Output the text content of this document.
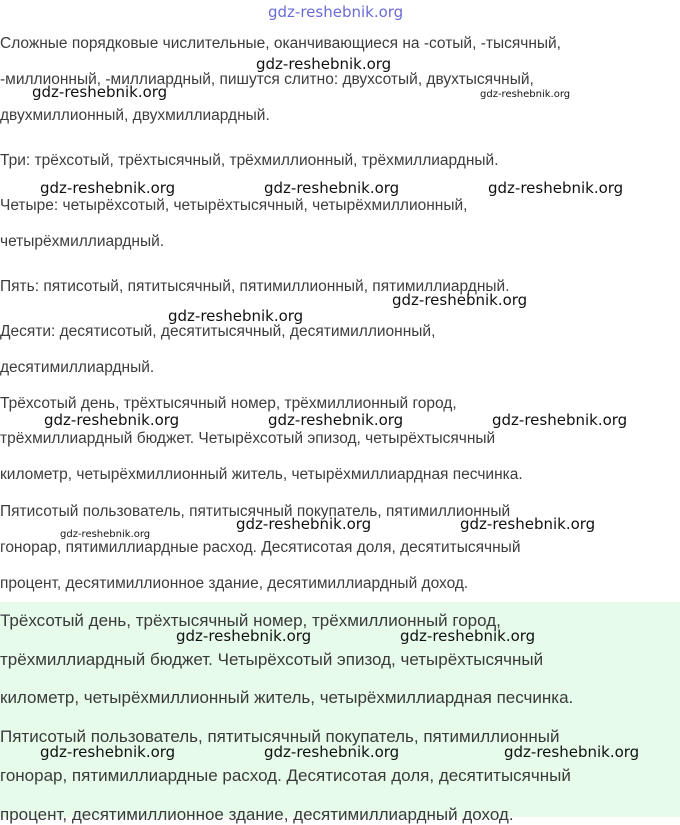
gdz-reshebnik.org
Сложные порядковые числительные, оканчивающиеся на -сотый, -тысячный,
-миллионный, -миллиардный, пишутся слитно: двухсотый, двухтысячный,
двухмиллионный, двухмиллиардный.
Три: трёхсотый, трёхтысячный, трёхмиллионный, трёхмиллиардный.
Четыре: четырёхсотый, четырёхтысячный, четырёхмиллионный,
четырёхмиллиардный.
Пять: пятисотый, пятитысячный, пятимиллионный, пятимиллиардный.
Десяти: десятисотый, десятитысячный, десятимиллионный,
десятимиллиардный.
Трёхсотый день, трёхтысячный номер, трёхмиллионный город,
трёхмиллиардный бюджет. Четырёхсотый эпизод, четырёхтысячный
километр, четырёхмиллионный житель, четырёхмиллиардная песчинка.
Пятисотый пользователь, пятитысячный покупатель, пятимиллионный
гонорар, пятимиллиардные расход. Десятисотая доля, десятитысячный
процент, десятимиллионное здание, десятимиллиардный доход.
Трёхсотый день, трёхтысячный номер, трёхмиллионный город,
трёхмиллиардный бюджет. Четырёхсотый эпизод, четырёхтысячный
километр, четырёхмиллионный житель, четырёхмиллиардная песчинка.
Пятисотый пользователь, пятитысячный покупатель, пятимиллионный
гонорар, пятимиллиардные расход. Десятисотая доля, десятитысячный
процент, десятимиллионное здание, десятимиллиардный доход.
gdz-reshebnik.org
gdz-reshebnik.org	gdz-reshebnik.org
gdz-reshebnik.org	gdz-reshebnik.org	gdz-reshebnik.org
gdz-reshebnik.org
gdz-reshebnik.org
gdz-reshebnik.org	gdz-reshebnik.org	gdz-reshebnik.org
gdz-reshebnik.org
gdz-reshebnik.org	gdz-reshebnik.org
gdz-reshebnik.org	gdz-reshebnik.org
gdz-reshebnik.org	gdz-reshebnik.org	gdz-reshebnik.org
